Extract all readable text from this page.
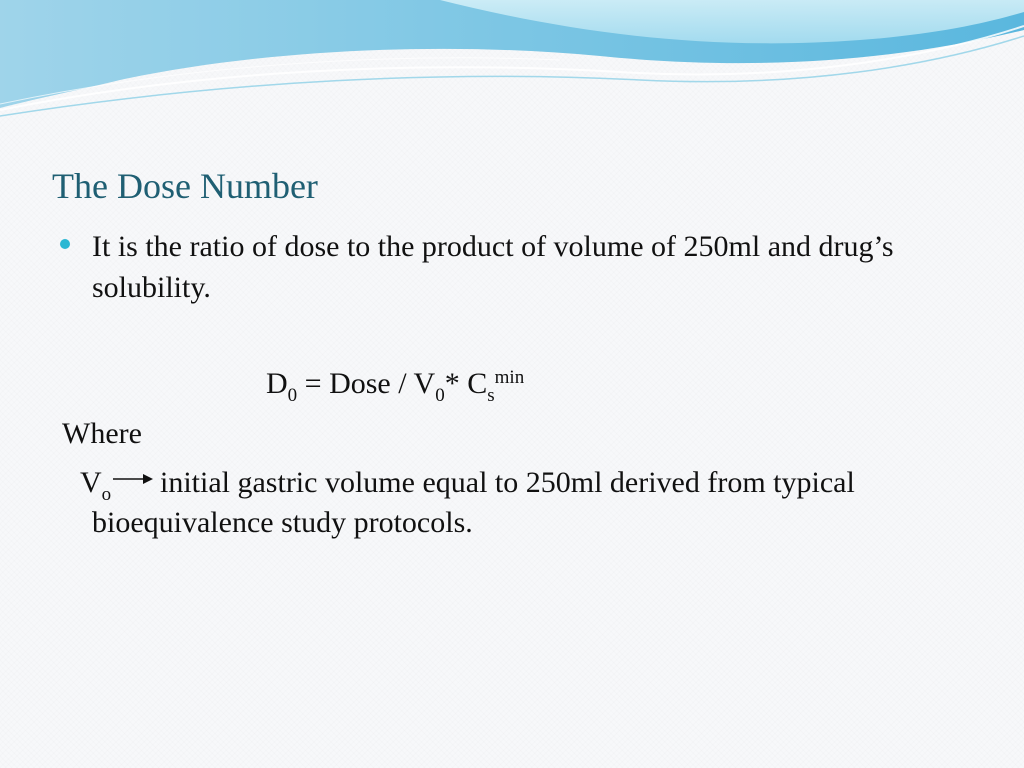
The Dose Number
It is the ratio of dose to the product of volume of 250ml and drug’s solubility.
$D_0$ = Dose / $V_0*$ $C_s^{min}$
Where
$V_o$ initial gastric volume equal to 250ml derived from typical
bioequivalence study protocols.
